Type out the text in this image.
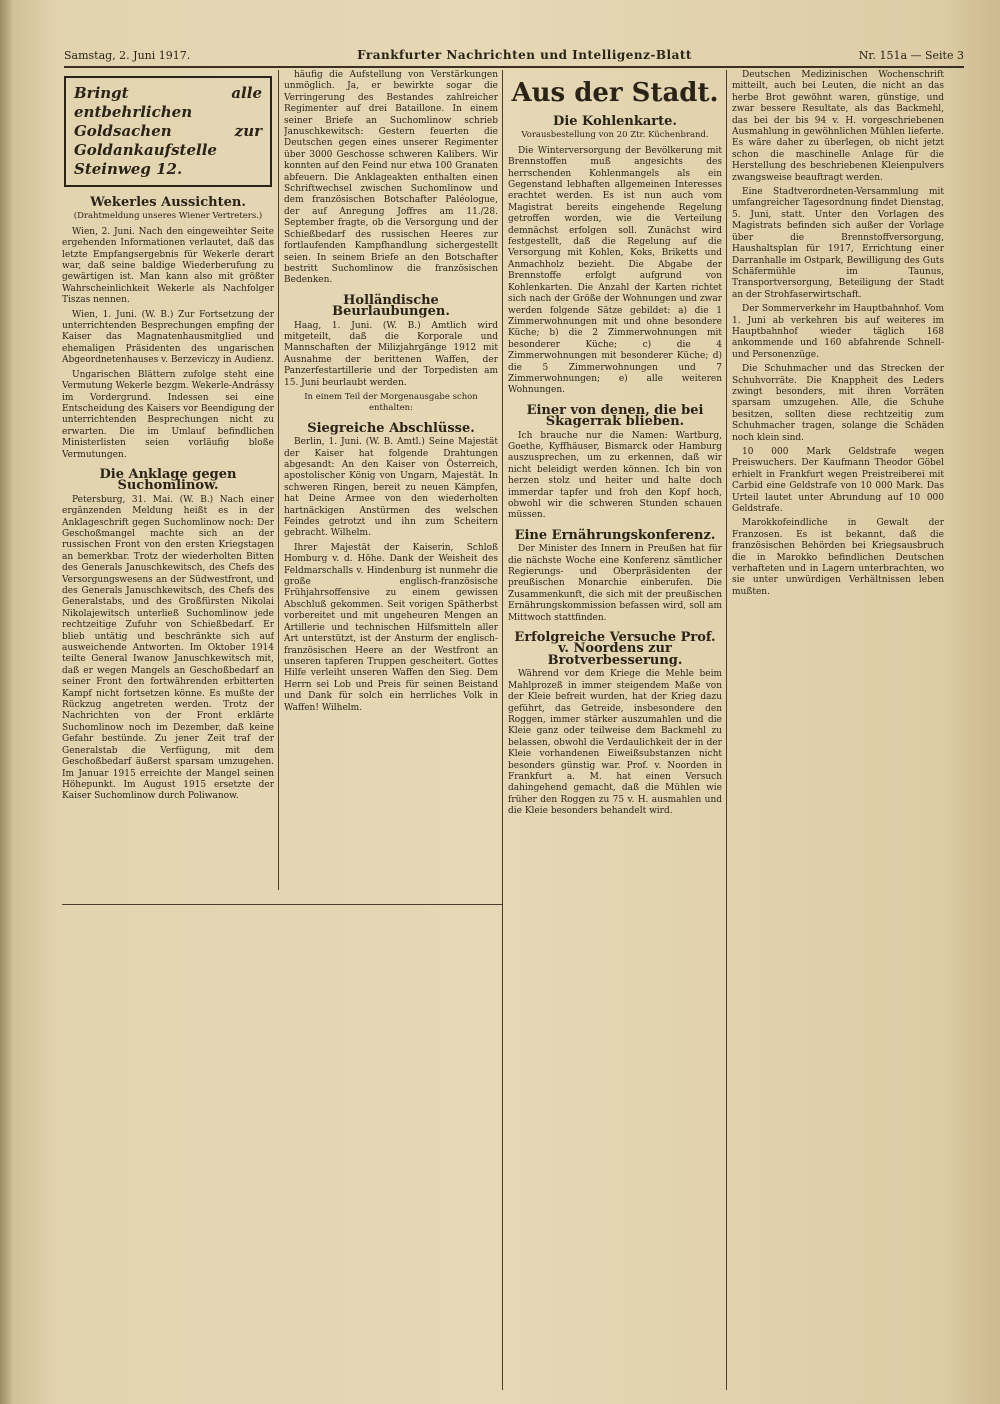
Samstag, 2. Juni 1917.	Frankfurter Nachrichten und Intelligenz-Blatt	Nr. 151a — Seite 3
Bringt alle entbehrlichen Goldsachen zur Goldankaufstelle Steinweg 12.
Wekerles Aussichten.
(Drahtmeldung unseres Wiener Vertreters.)

Wien, 2. Juni. Nach den eingeweihter Seite ergehenden Informationen verlautet, daß das letzte Empfangsergebnis für Wekerle derart war, daß seine baldige Wiederberufung zu gewärtigen ist. Man kann also mit größter Wahrscheinlichkeit Wekerle als Nachfolger Tiszas nennen.

Wien, 1. Juni. (W. B.) Zur Fortsetzung der unterrichtenden Besprechungen empfing der Kaiser das Magnatenhausmitglied und ehemaligen Präsidenten des ungarischen Abgeordnetenhauses v. Berzeviczy in Audienz.

Ungarischen Blättern zufolge steht eine Vermutung Wekerle bezgm. Wekerle-Andrássy im Vordergrund. Indessen sei eine Entscheidung des Kaisers vor Beendigung der unterrichtenden Besprechungen nicht zu erwarten. Die im Umlauf befindlichen Ministerlisten seien vorläufig bloße Vermutungen.

Die Anklage gegen Suchomlinow.

Petersburg, 31. Mai. (W. B.) Nach einer ergänzenden Meldung heißt es in der Anklageschrift gegen Suchomlinow noch: Der Geschoßmangel machte sich an der russischen Front von den ersten Kriegstagen an bemerkbar. Trotz der wiederholten Bitten des Generals Januschkewitsch, des Chefs des Versorgungswesens an der Südwestfront, und des Generals Januschkewitsch, des Chefs des Generalstabs, und des Großfürsten Nikolai Nikolajewitsch unterließ Suchomlinow jede rechtzeitige Zufuhr von Schießbedarf. Er blieb untätig und beschränkte sich auf ausweichende Antworten. Im Oktober 1914 teilte General Iwanow Januschkewitsch mit, daß er wegen Mangels an Geschoßbedarf an seiner Front den fortwährenden erbitterten Kampf nicht fortsetzen könne. Es mußte der Rückzug angetreten werden. Trotz der Nachrichten von der Front erklärte Suchomlinow noch im Dezember, daß keine Gefahr bestünde. Zu jener Zeit traf der Generalstab die Verfügung, mit dem Geschoßbedarf äußerst sparsam umzugehen. Im Januar 1915 erreichte der Mangel seinen Höhepunkt. Im August 1915 ersetzte der Kaiser Suchomlinow durch Poliwanow.

häufig die Aufstellung von Verstärkungen unmöglich. Ja, er bewirkte sogar die Verringerung des Bestandes zahlreicher Regimenter auf drei Bataillone. In einem seiner Briefe an Suchomlinow schrieb Januschkewitsch: Gestern feuerten die Deutschen gegen eines unserer Regimenter über 3000 Geschosse schweren Kalibers. Wir konnten auf den Feind nur etwa 100 Granaten abfeuern. Die Anklageakten enthalten einen Schriftwechsel zwischen Suchomlinow und dem französischen Botschafter Paléologue, der auf Anregung Joffres am 11./28. September fragte, ob die Versorgung und der Schießbedarf des russischen Heeres zur fortlaufenden Kampfhandlung sichergestellt seien. In seinem Briefe an den Botschafter bestritt Suchomlinow die französischen Bedenken.

Holländische Beurlaubungen.

Haag, 1. Juni. (W. B.) Amtlich wird mitgeteilt, daß die Korporale und Mannschaften der Milizjahrgänge 1912 mit Ausnahme der berittenen Waffen, der Panzerfestartillerie und der Torpedisten am 15. Juni beurlaubt werden.

In einem Teil der Morgenausgabe schon enthalten:
Siegreiche Abschlüsse.

Berlin, 1. Juni. (W. B. Amtl.) Seine Majestät der Kaiser hat folgende Drahtungen abgesandt: An den Kaiser von Österreich, apostolischer König von Ungarn, Majestät. In schweren Ringen, bereit zu neuen Kämpfen, hat Deine Armee von den wiederholten hartnäckigen Anstürmen des welschen Feindes getrotzt und ihn zum Scheitern gebracht. Wilhelm.

Ihrer Majestät der Kaiserin, Schloß Homburg v. d. Höhe. Dank der Weisheit des Feldmarschalls v. Hindenburg ist nunmehr die große englisch-französische Frühjahrsoffensive zu einem gewissen Abschluß gekommen. Seit vorigen Spätherbst vorbereitet und mit ungeheuren Mengen an Artillerie und technischen Hilfsmitteln aller Art unterstützt, ist der Ansturm der englisch-französischen Heere an der Westfront an unseren tapferen Truppen gescheitert. Gottes Hilfe verleiht unseren Waffen den Sieg. Dem Herrn sei Lob und Preis für seinen Beistand und Dank für solch ein herrliches Volk in Waffen! Wilhelm.

Aus der Stadt.
Die Kohlenkarte.
Vorausbestellung von 20 Ztr. Küchenbrand.

Die Winterversorgung der Bevölkerung mit Brennstoffen muß angesichts des herrschenden Kohlenmangels als ein Gegenstand lebhaften allgemeinen Interesses erachtet werden. Es ist nun auch vom Magistrat bereits eingehende Regelung getroffen worden, wie die Verteilung demnächst erfolgen soll. Zunächst wird festgestellt, daß die Regelung auf die Versorgung mit Kohlen, Koks, Briketts und Anmachholz bezieht. Die Abgabe der Brennstoffe erfolgt aufgrund von Kohlenkarten. Die Anzahl der Karten richtet sich nach der Größe der Wohnungen und zwar werden folgende Sätze gebildet: a) die 1 Zimmerwohnungen mit und ohne besondere Küche; b) die 2 Zimmerwohnungen mit besonderer Küche; c) die 4 Zimmerwohnungen mit besonderer Küche; d) die 5 Zimmerwohnungen und 7 Zimmerwohnungen; e) alle weiteren Wohnungen.

Einer von denen, die bei Skagerrak blieben.

Ich brauche nur die Namen: Wartburg, Goethe, Kyffhäuser, Bismarck oder Hamburg auszusprechen, um zu erkennen, daß wir nicht beleidigt werden können. Ich bin von herzen stolz und heiter und halte doch immerdar tapfer und froh den Kopf hoch, obwohl wir die schweren Stunden schauen müssen.

Eine Ernährungskonferenz.

Der Minister des Innern in Preußen hat für die nächste Woche eine Konferenz sämtlicher Regierungs- und Oberpräsidenten der preußischen Monarchie einberufen. Die Zusammenkunft, die sich mit der preußischen Ernährungskommission befassen wird, soll am Mittwoch stattfinden.

Erfolgreiche Versuche Prof. v. Noordens zur Brotverbesserung.

Während vor dem Kriege die Mehle beim Mahlprozeß in immer steigendem Maße von der Kleie befreit wurden, hat der Krieg dazu geführt, das Getreide, insbesondere den Roggen, immer stärker auszumahlen und die Kleie ganz oder teilweise dem Backmehl zu belassen, obwohl die Verdaulichkeit der in der Kleie vorhandenen Eiweißsubstanzen nicht besonders günstig war. Prof. v. Noorden in Frankfurt a. M. hat einen Versuch dahingehend gemacht, daß die Mühlen wie früher den Roggen zu 75 v. H. ausmahlen und die Kleie besonders behandelt wird.

Deutschen Medizinischen Wochenschrift mitteilt, auch bei Leuten, die nicht an das herbe Brot gewöhnt waren, günstige, und zwar bessere Resultate, als das Backmehl, das bei der bis 94 v. H. vorgeschriebenen Ausmahlung in gewöhnlichen Mühlen lieferte. Es wäre daher zu überlegen, ob nicht jetzt schon die maschinelle Anlage für die Herstellung des beschriebenen Kleienpulvers zwangsweise beauftragt werden.

Eine Stadtverordneten-Versammlung mit umfangreicher Tagesordnung findet Dienstag, 5. Juni, statt. Unter den Vorlagen des Magistrats befinden sich außer der Vorlage über die Brennstoffversorgung, Haushaltsplan für 1917, Errichtung einer Darranhalle im Ostpark, Bewilligung des Guts Schäfermühle im Taunus, Transportversorgung, Beteiligung der Stadt an der Strohfaserwirtschaft.

Der Sommerverkehr im Hauptbahnhof. Vom 1. Juni ab verkehren bis auf weiteres im Hauptbahnhof wieder täglich 168 ankommende und 160 abfahrende Schnell- und Personenzüge.

Die Schuhmacher und das Strecken der Schuhvorräte. Die Knappheit des Leders zwingt besonders, mit ihren Vorräten sparsam umzugehen. Alle, die Schuhe besitzen, sollten diese rechtzeitig zum Schuhmacher tragen, solange die Schäden noch klein sind.

10 000 Mark Geldstrafe wegen Preiswuchers. Der Kaufmann Theodor Göbel erhielt in Frankfurt wegen Preistreiberei mit Carbid eine Geldstrafe von 10 000 Mark. Das Urteil lautet unter Abrundung auf 10 000 Geldstrafe.

Marokkofeindliche in Gewalt der Franzosen. Es ist bekannt, daß die französischen Behörden bei Kriegsausbruch die in Marokko befindlichen Deutschen verhafteten und in Lagern unterbrachten, wo sie unter unwürdigen Verhältnissen leben mußten.
